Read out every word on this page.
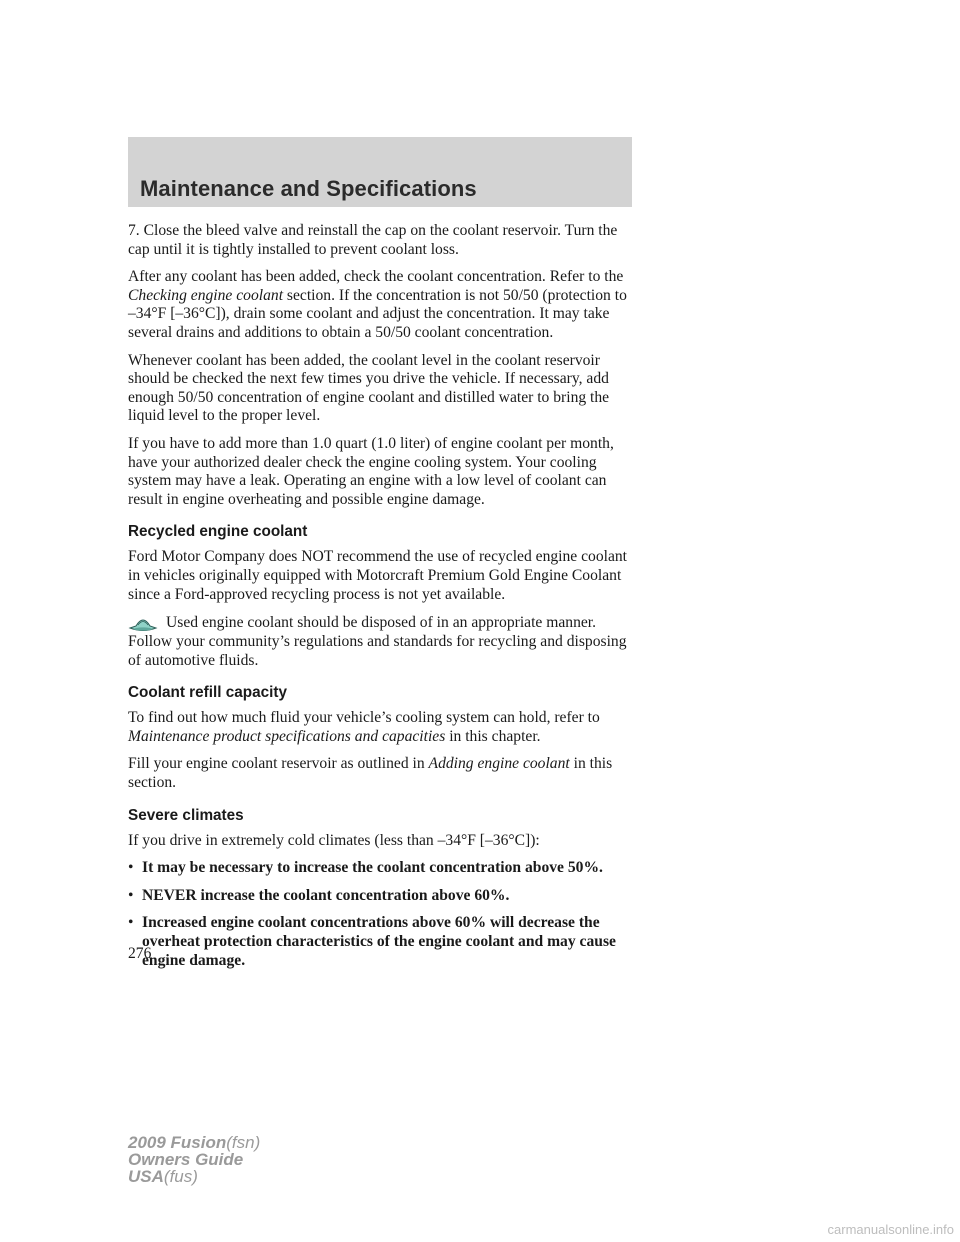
Maintenance and Specifications

7. Close the bleed valve and reinstall the cap on the coolant reservoir. Turn the cap until it is tightly installed to prevent coolant loss.

After any coolant has been added, check the coolant concentration. Refer to the Checking engine coolant section. If the concentration is not 50/50 (protection to –34°F [–36°C]), drain some coolant and adjust the concentration. It may take several drains and additions to obtain a 50/50 coolant concentration.

Whenever coolant has been added, the coolant level in the coolant reservoir should be checked the next few times you drive the vehicle. If necessary, add enough 50/50 concentration of engine coolant and distilled water to bring the liquid level to the proper level.

If you have to add more than 1.0 quart (1.0 liter) of engine coolant per month, have your authorized dealer check the engine cooling system. Your cooling system may have a leak. Operating an engine with a low level of coolant can result in engine overheating and possible engine damage.

Recycled engine coolant

Ford Motor Company does NOT recommend the use of recycled engine coolant in vehicles originally equipped with Motorcraft Premium Gold Engine Coolant since a Ford-approved recycling process is not yet available.

Used engine coolant should be disposed of in an appropriate manner. Follow your community’s regulations and standards for recycling and disposing of automotive fluids.

Coolant refill capacity

To find out how much fluid your vehicle’s cooling system can hold, refer to Maintenance product specifications and capacities in this chapter.

Fill your engine coolant reservoir as outlined in Adding engine coolant in this section.

Severe climates

If you drive in extremely cold climates (less than –34°F [–36°C]):

• It may be necessary to increase the coolant concentration above 50%.
• NEVER increase the coolant concentration above 60%.
• Increased engine coolant concentrations above 60% will decrease the overheat protection characteristics of the engine coolant and may cause engine damage.
276
2009 Fusion(fsn)
Owners Guide
USA(fus)
carmanualsonline.info
